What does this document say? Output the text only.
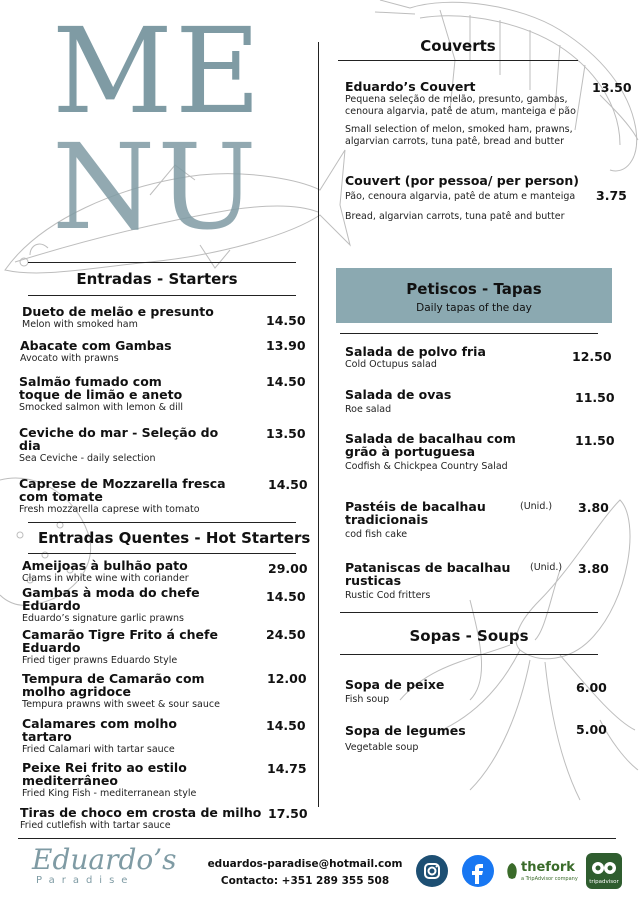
ME
NU
Couverts
Eduardo’s Couvert
Pequena seleção de melão, presunto, gambas, cenoura algarvia, patê de atum, manteiga e pão
Small selection of melon, smoked ham, prawns, algarvian carrots, tuna patê, bread and butter
13.50
Couvert (por pessoa/ per person)
Pão, cenoura algarvia, patê de atum e manteiga
Bread, algarvian carrots, tuna patê and butter
3.75
Petiscos - Tapas
Daily tapas of the day
Salada de polvo fria
Cold Octupus salad
12.50
Salada de ovas
Roe salad
11.50
Salada de bacalhau com grão à portuguesa
Codfish & Chickpea Country Salad
11.50
Pastéis de bacalhau tradicionais
cod fish cake
(Unid.) 3.80
Pataniscas de bacalhau rusticas
Rustic Cod fritters
(Unid.) 3.80
Sopas - Soups
Sopa de peixe
Fish soup
6.00
Sopa de legumes
Vegetable soup
5.00
Entradas - Starters
Dueto de melão e presunto
Melon with smoked ham	14.50
Abacate com Gambas
Avocato with prawns
13.90
Salmão fumado com toque de limão e aneto
Smocked salmon with lemon & dill
14.50
Ceviche do mar - Seleção do dia
Sea Ceviche - daily selection
13.50
Caprese de Mozzarella fresca com tomate
Fresh mozzarella caprese with tomato
14.50
Entradas Quentes - Hot Starters
Ameijoas à bulhão pato
Clams in white wine with coriander
29.00
Gambas à moda do chefe Eduardo
Eduardo’s signature garlic prawns
14.50
Camarão Tigre Frito á chefe Eduardo
Fried tiger prawns Eduardo Style
24.50
Tempura de Camarão com molho agridoce
Tempura prawns with sweet & sour sauce
12.00
Calamares com molho tartaro
Fried Calamari with tartar sauce
14.50
Peixe Rei frito ao estilo mediterrâneo
Fried King Fish - mediterranean style
14.75
Tiras de choco em crosta de milho
Fried cutlefish with tartar sauce
17.50
Eduardo’s
Paradise
eduardos-paradise@hotmail.com
Contacto: +351 289 355 508
thefork
a TripAdvisor company	tripadvisor
